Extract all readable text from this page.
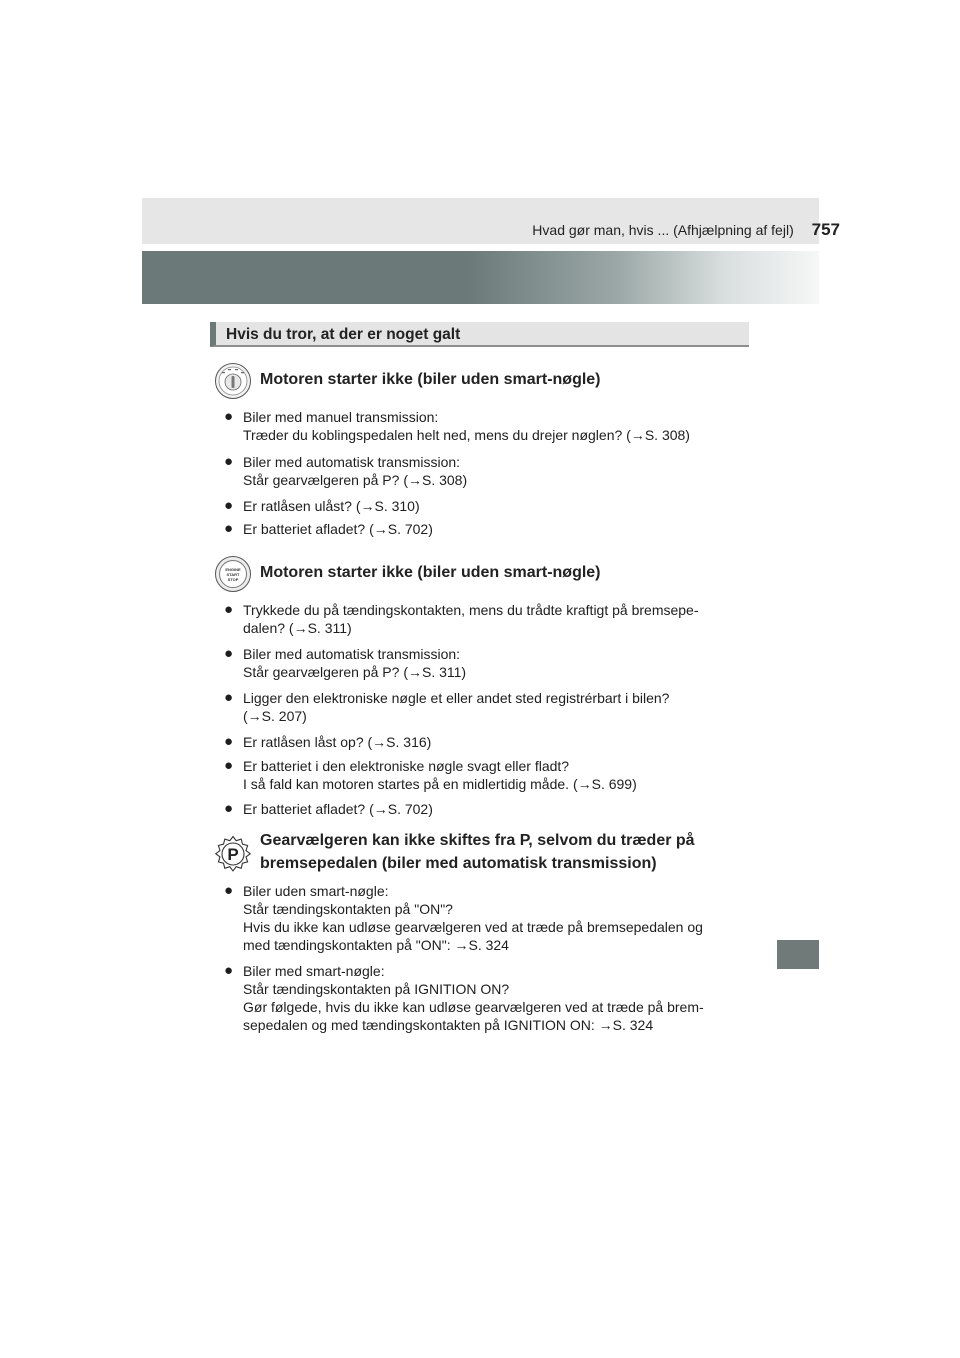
Hvad gør man, hvis ... (Afhjælpning af fejl) 757
Hvis du tror, at der er noget galt
Motoren starter ikke (biler uden smart-nøgle)
● Biler med manuel transmission:
Træder du koblingspedalen helt ned, mens du drejer nøglen? (→S. 308)
● Biler med automatisk transmission:
Står gearvælgeren på P? (→S. 308)
● Er ratlåsen ulåst? (→S. 310)
● Er batteriet afladet? (→S. 702)
ENGINE
START
STOP Motoren starter ikke (biler uden smart-nøgle)
● Trykkede du på tændingskontakten, mens du trådte kraftigt på bremsepe-
dalen? (→S. 311)
● Biler med automatisk transmission:
Står gearvælgeren på P? (→S. 311)
● Ligger den elektroniske nøgle et eller andet sted registrérbart i bilen?
(→S. 207)
● Er ratlåsen låst op? (→S. 316)
● Er batteriet i den elektroniske nøgle svagt eller fladt?
I så fald kan motoren startes på en midlertidig måde. (→S. 699)
● Er batteriet afladet? (→S. 702)
P
Gearvælgeren kan ikke skiftes fra P, selvom du træder på
bremsepedalen (biler med automatisk transmission)
● Biler uden smart-nøgle:
Står tændingskontakten på "ON"?
Hvis du ikke kan udløse gearvælgeren ved at træde på bremsepedalen og
med tændingskontakten på "ON": →S. 324
● Biler med smart-nøgle:
Står tændingskontakten på IGNITION ON?
Gør følgede, hvis du ikke kan udløse gearvælgeren ved at træde på brem-
sepedalen og med tændingskontakten på IGNITION ON: →S. 324
